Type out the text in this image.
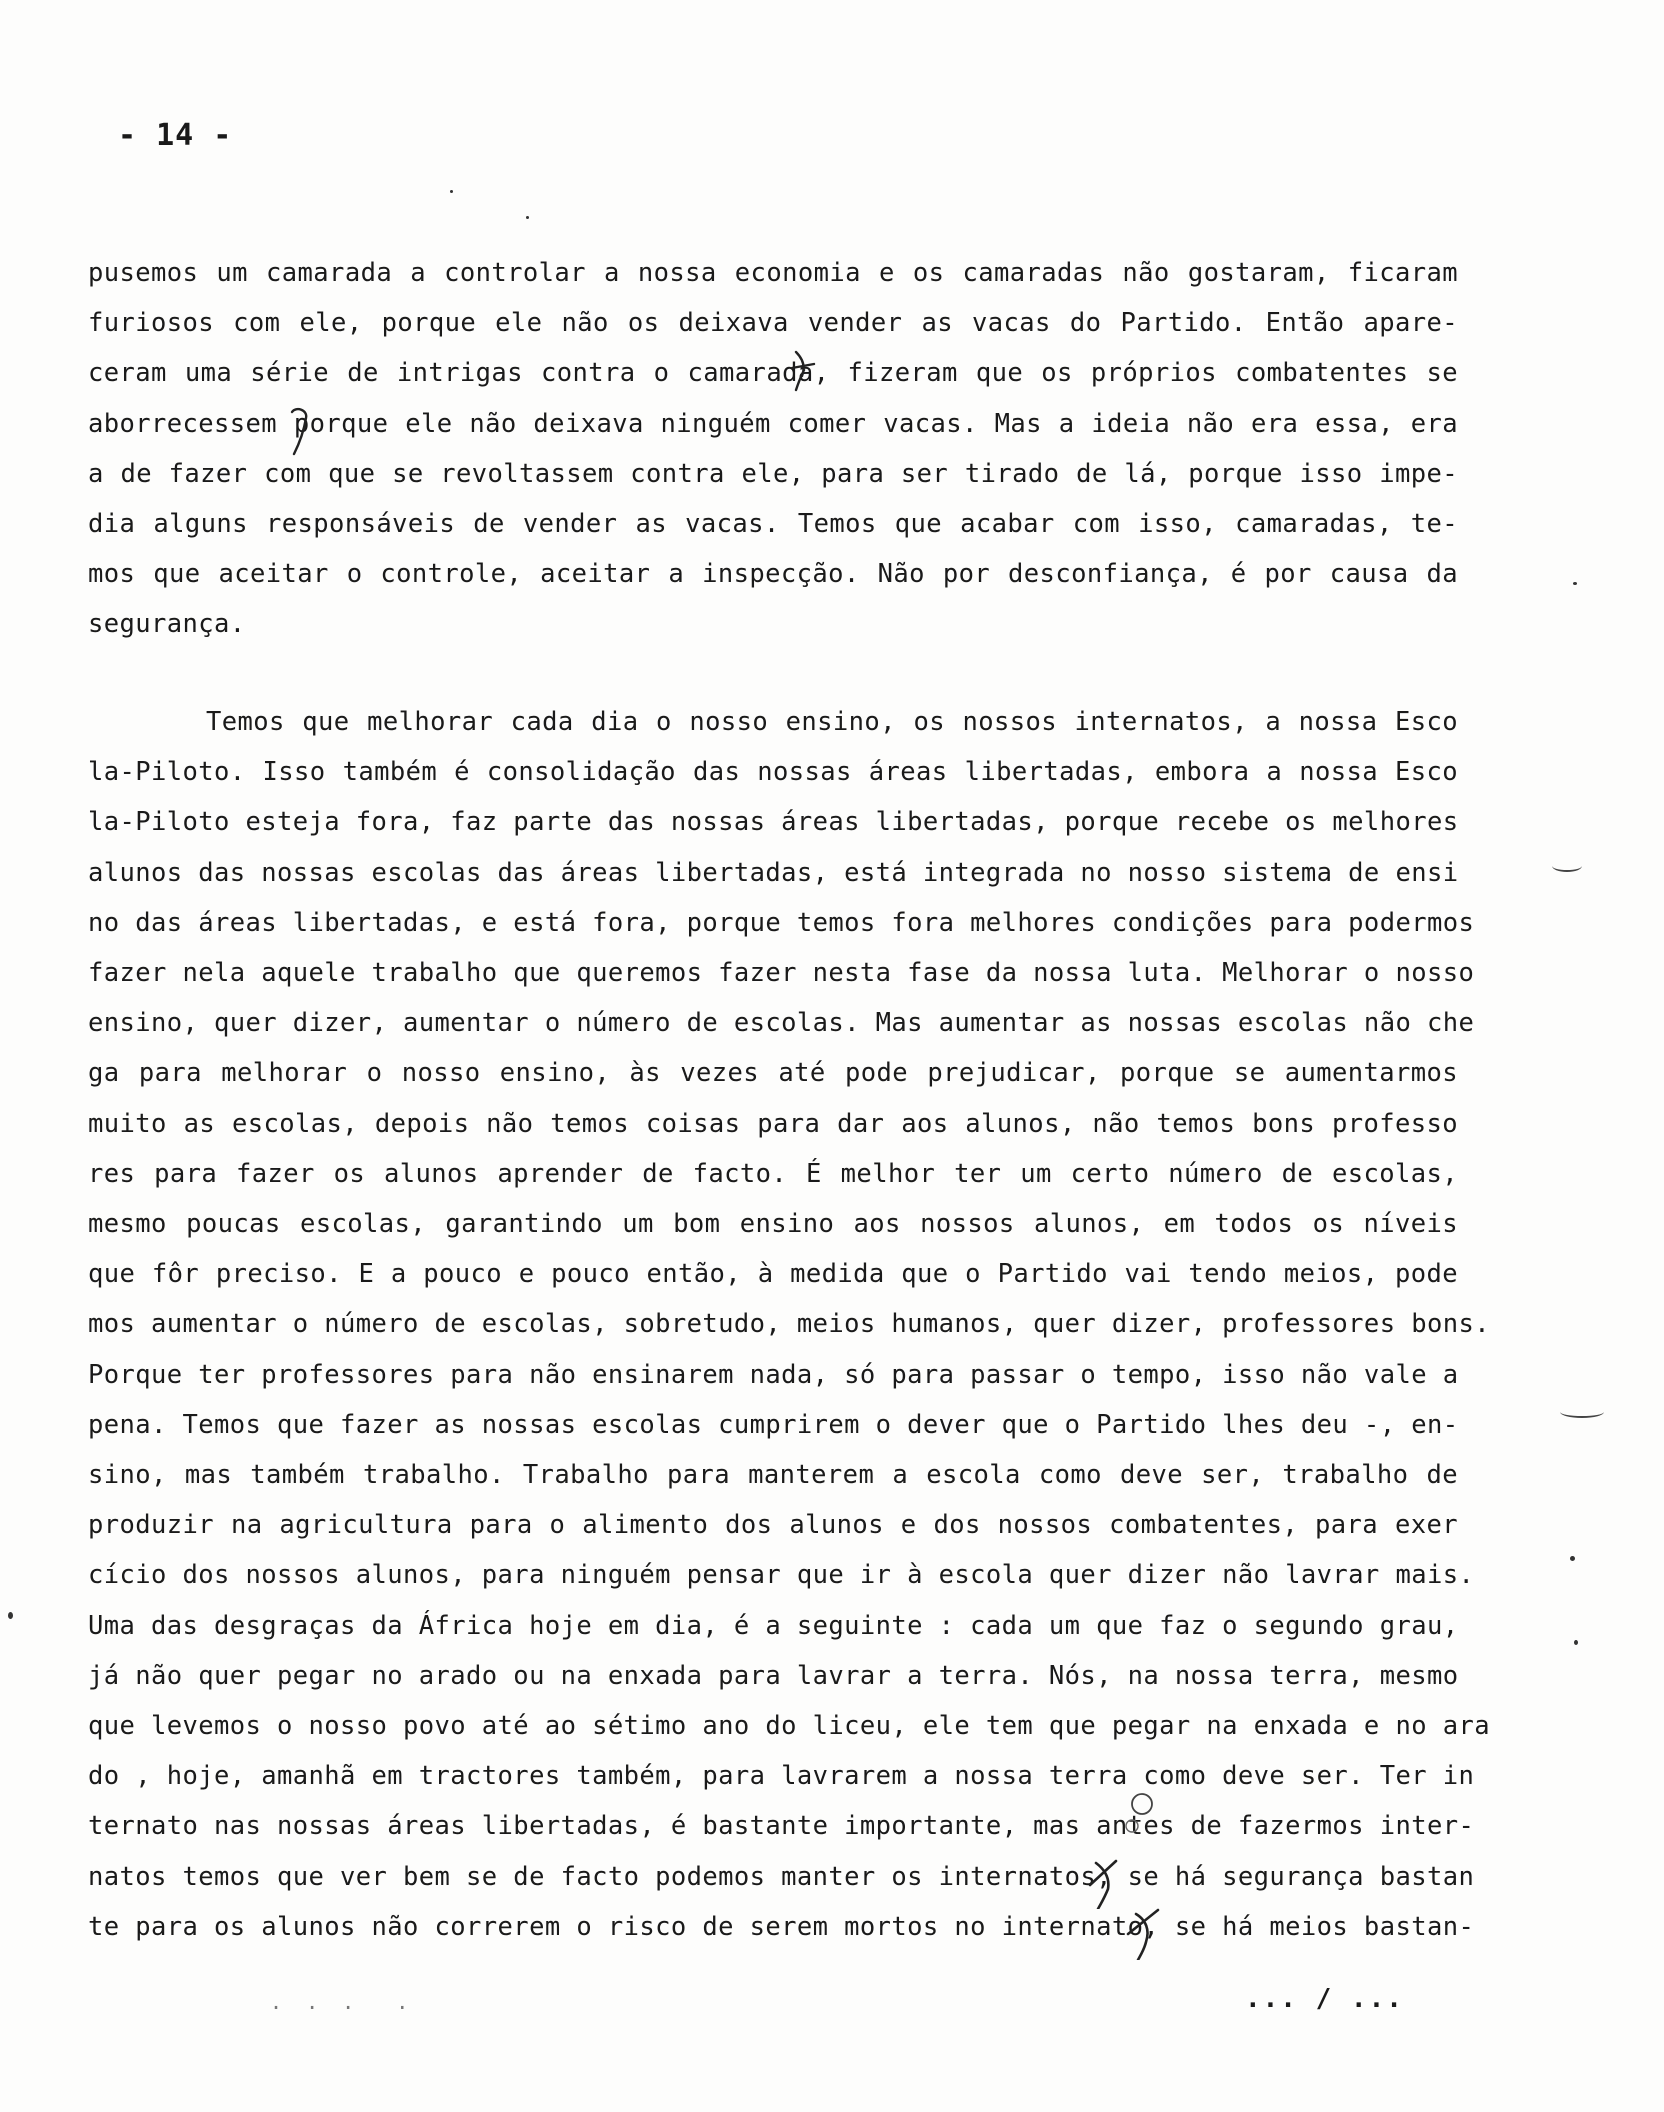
- 14 -
pusemos um camarada a controlar a nossa economia e os camaradas não gostaram, ficaram
furiosos com ele, porque ele não os deixava vender as vacas do Partido. Então apare-
ceram uma série de intrigas contra o camarada, fizeram que os próprios combatentes se
aborrecessem porque ele não deixava ninguém comer vacas. Mas a ideia não era essa, era
a de fazer com que se revoltassem contra ele, para ser tirado de lá, porque isso impe-
dia alguns responsáveis de vender as vacas. Temos que acabar com isso, camaradas, te-
mos que aceitar o controle, aceitar a inspecção. Não por desconfiança, é por causa da
segurança.
Temos que melhorar cada dia o nosso ensino, os nossos internatos, a nossa Esco
la-Piloto. Isso também é consolidação das nossas áreas libertadas, embora a nossa Esco
la-Piloto esteja fora, faz parte das nossas áreas libertadas, porque recebe os melhores
alunos das nossas escolas das áreas libertadas, está integrada no nosso sistema de ensi
no das áreas libertadas, e está fora, porque temos fora melhores condições para podermos
fazer nela aquele trabalho que queremos fazer nesta fase da nossa luta. Melhorar o nosso
ensino, quer dizer, aumentar o número de escolas. Mas aumentar as nossas escolas não che
ga para melhorar o nosso ensino, às vezes até pode prejudicar, porque se aumentarmos
muito as escolas, depois não temos coisas para dar aos alunos, não temos bons professo
res para fazer os alunos aprender de facto. É melhor ter um certo número de escolas,
mesmo poucas escolas, garantindo um bom ensino aos nossos alunos, em todos os níveis
que fôr preciso. E a pouco e pouco então, à medida que o Partido vai tendo meios, pode
mos aumentar o número de escolas, sobretudo, meios humanos, quer dizer, professores bons.
Porque ter professores para não ensinarem nada, só para passar o tempo, isso não vale a
pena. Temos que fazer as nossas escolas cumprirem o dever que o Partido lhes deu -, en-
sino, mas também trabalho. Trabalho para manterem a escola como deve ser, trabalho de
produzir na agricultura para o alimento dos alunos e dos nossos combatentes, para exer
cício dos nossos alunos, para ninguém pensar que ir à escola quer dizer não lavrar mais.
Uma das desgraças da África hoje em dia, é a seguinte : cada um que faz o segundo grau,
já não quer pegar no arado ou na enxada para lavrar a terra. Nós, na nossa terra, mesmo
que levemos o nosso povo até ao sétimo ano do liceu, ele tem que pegar na enxada e no ara
do , hoje, amanhã em tractores também, para lavrarem a nossa terra como deve ser. Ter in
ternato nas nossas áreas libertadas, é bastante importante, mas antes de fazermos inter-
natos temos que ver bem se de facto podemos manter os internatos, se há segurança bastan
te para os alunos não correrem o risco de serem mortos no internato, se há meios bastan-
. . .  .	... / ...
